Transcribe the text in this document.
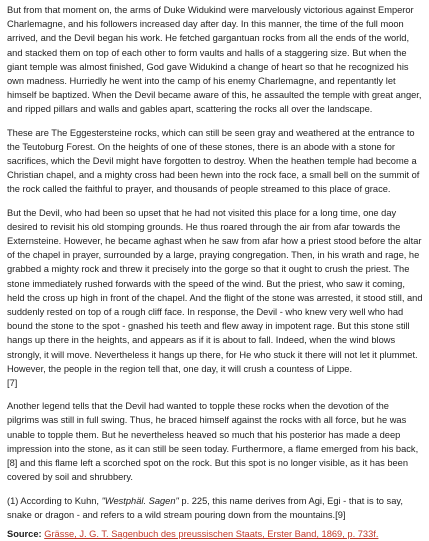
But from that moment on, the arms of Duke Widukind were marvelously victorious against Emperor Charlemagne, and his followers increased day after day. In this manner, the time of the full moon arrived, and the Devil began his work. He fetched gargantuan rocks from all the ends of the world, and stacked them on top of each other to form vaults and halls of a staggering size. But when the giant temple was almost finished, God gave Widukind a change of heart so that he recognized his own madness. Hurriedly he went into the camp of his enemy Charlemagne, and repentantly let himself be baptized. When the Devil became aware of this, he assaulted the temple with great anger, and ripped pillars and walls and gables apart, scattering the rocks all over the landscape.

These are The Eggestersteine rocks, which can still be seen gray and weathered at the entrance to the Teutoburg Forest. On the heights of one of these stones, there is an abode with a stone for sacrifices, which the Devil might have forgotten to destroy. When the heathen temple had become a Christian chapel, and a mighty cross had been hewn into the rock face, a small bell on the summit of the rock called the faithful to prayer, and thousands of people streamed to this place of grace.

But the Devil, who had been so upset that he had not visited this place for a long time, one day desired to revisit his old stomping grounds. He thus roared through the air from afar towards the Externsteine. However, he became aghast when he saw from afar how a priest stood before the altar of the chapel in prayer, surrounded by a large, praying congregation. Then, in his wrath and rage, he grabbed a mighty rock and threw it precisely into the gorge so that it ought to crush the priest. The stone immediately rushed forwards with the speed of the wind. But the priest, who saw it coming, held the cross up high in front of the chapel. And the flight of the stone was arrested, it stood still, and suddenly rested on top of a rough cliff face. In response, the Devil - who knew very well who had bound the stone to the spot - gnashed his teeth and flew away in impotent rage. But this stone still hangs up there in the heights, and appears as if it is about to fall. Indeed, when the wind blows strongly, it will move. Nevertheless it hangs up there, for He who stuck it there will not let it plummet. However, the people in the region tell that, one day, it will crush a countess of Lippe.
[7]

Another legend tells that the Devil had wanted to topple these rocks when the devotion of the pilgrims was still in full swing. Thus, he braced himself against the rocks with all force, but he was unable to topple them. But he nevertheless heaved so much that his posterior has made a deep impression into the stone, as it can still be seen today. Furthermore, a flame emerged from his back,
[8] and this flame left a scorched spot on the rock. But this spot is no longer visible, as it has been covered by soil and shrubbery.

(1) According to Kuhn, "Westphäl. Sagen" p. 225, this name derives from Agi, Egi - that is to say, snake or dragon - and refers to a wild stream pouring down from the mountains.[9]

Source: Grässe, J. G. T. Sagenbuch des preussischen Staats, Erster Band, 1869, p. 733f.
